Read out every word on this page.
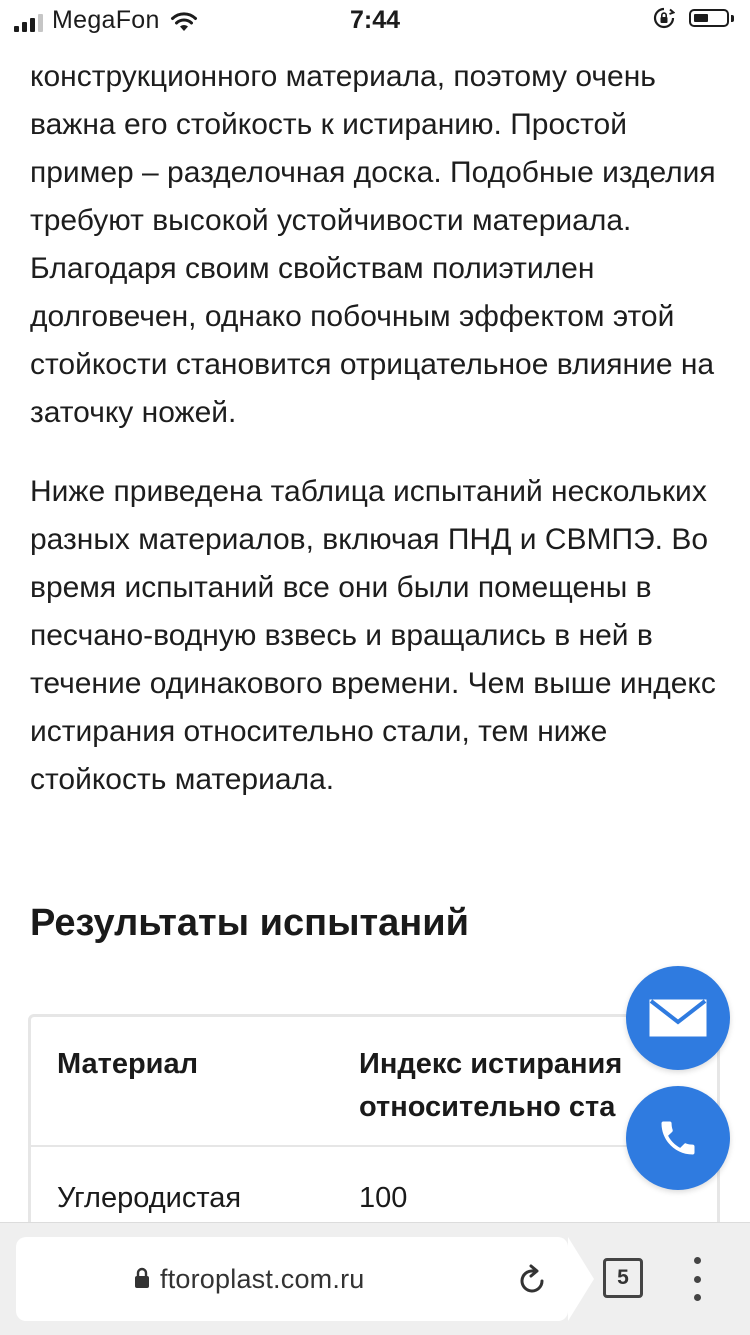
MegaFon	7:44

конструкционного материала, поэтому очень важна его стойкость к истиранию. Простой пример – разделочная доска. Подобные изделия требуют высокой устойчивости материала. Благодаря своим свойствам полиэтилен долговечен, однако побочным эффектом этой стойкости становится отрицательное влияние на заточку ножей.

Ниже приведена таблица испытаний нескольких разных материалов, включая ПНД и СВМПЭ. Во время испытаний все они были помещены в песчано-водную взвесь и вращались в ней в течение одинакового времени. Чем выше индекс истирания относительно стали, тем ниже стойкость материала.

Результаты испытаний
Материал	Индекс истирания
относительно ста
Углеродистая	100
ftoroplast.com.ru	5
